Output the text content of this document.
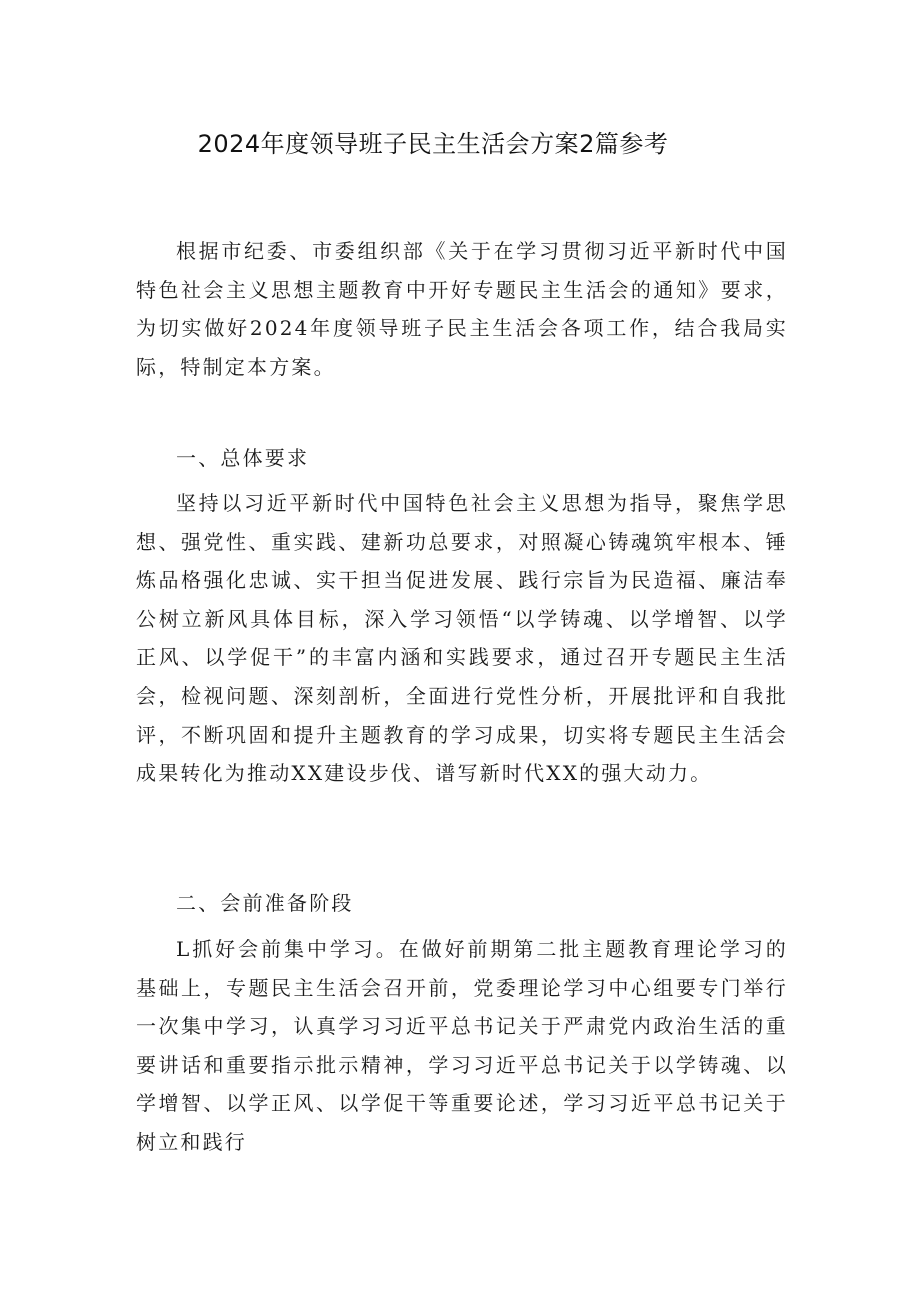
2024年度领导班子民主生活会方案2篇参考

根据市纪委、市委组织部《关于在学习贯彻习近平新时代中国特色社会主义思想主题教育中开好专题民主生活会的通知》要求，为切实做好2024年度领导班子民主生活会各项工作，结合我局实际，特制定本方案。

一、总体要求

坚持以习近平新时代中国特色社会主义思想为指导，聚焦学思想、强党性、重实践、建新功总要求，对照凝心铸魂筑牢根本、锤炼品格强化忠诚、实干担当促进发展、践行宗旨为民造福、廉洁奉公树立新风具体目标，深入学习领悟“以学铸魂、以学增智、以学正风、以学促干”的丰富内涵和实践要求，通过召开专题民主生活会，检视问题、深刻剖析，全面进行党性分析，开展批评和自我批评，不断巩固和提升主题教育的学习成果，切实将专题民主生活会成果转化为推动XX建设步伐、谱写新时代XX的强大动力。

二、会前准备阶段

L抓好会前集中学习。在做好前期第二批主题教育理论学习的基础上，专题民主生活会召开前，党委理论学习中心组要专门举行一次集中学习，认真学习习近平总书记关于严肃党内政治生活的重要讲话和重要指示批示精神，学习习近平总书记关于以学铸魂、以学增智、以学正风、以学促干等重要论述，学习习近平总书记关于树立和践行
